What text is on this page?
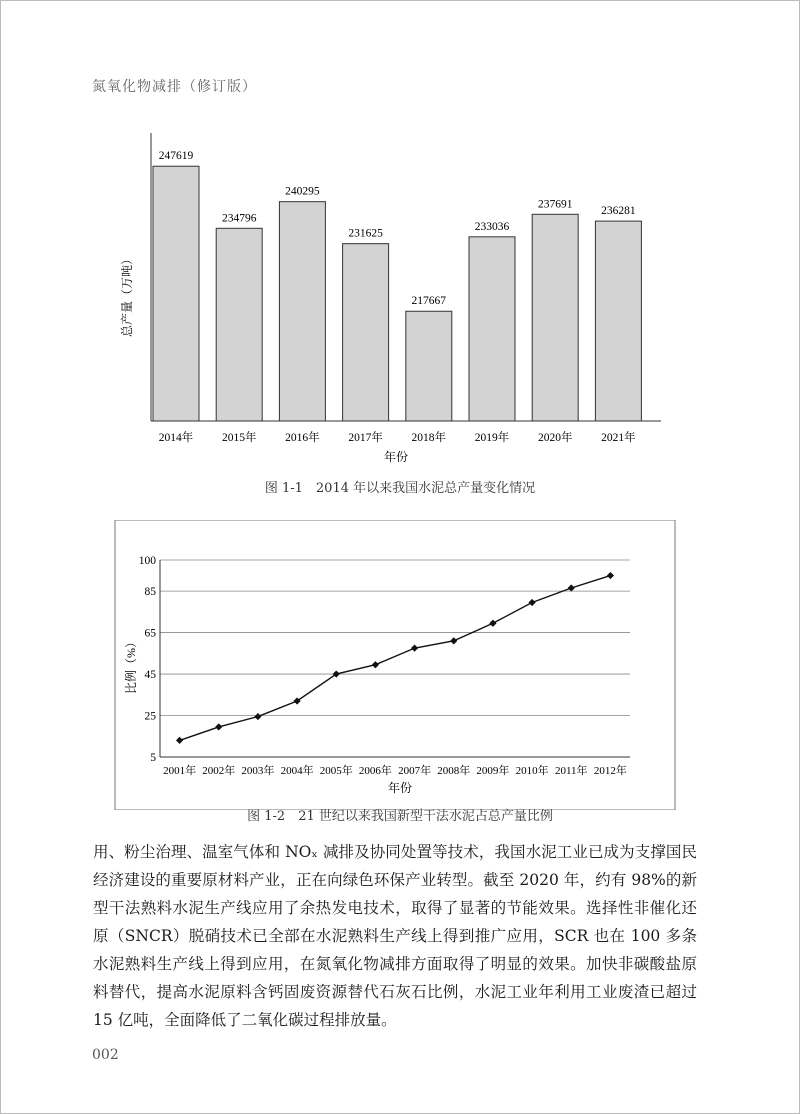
氮氧化物减排（修订版）
247619
234796
240295
231625
217667
233036
237691
236281
2014年 2015年 2016年 2017年 2018年 2019年 2020年 2021年
总产量（万吨）
年份
图 1-1　2014 年以来我国水泥总产量变化情况
5
25
45
65
85
100
2001年 2002年 2003年 2004年 2005年 2006年 2007年 2008年 2009年 2010年 2011年 2012年
比例（%）
年份
图 1-2　21 世纪以来我国新型干法水泥占总产量比例

用、粉尘治理、温室气体和 NOₓ 减排及协同处置等技术，我国水泥工业已成为支撑国民经济建设的重要原材料产业，正在向绿色环保产业转型。截至 2020 年，约有 98%的新型干法熟料水泥生产线应用了余热发电技术，取得了显著的节能效果。选择性非催化还原（SNCR）脱硝技术已全部在水泥熟料生产线上得到推广应用，SCR 也在 100 多条水泥熟料生产线上得到应用，在氮氧化物减排方面取得了明显的效果。加快非碳酸盐原料替代，提高水泥原料含钙固废资源替代石灰石比例，水泥工业年利用工业废渣已超过 15 亿吨，全面降低了二氧化碳过程排放量。

002
